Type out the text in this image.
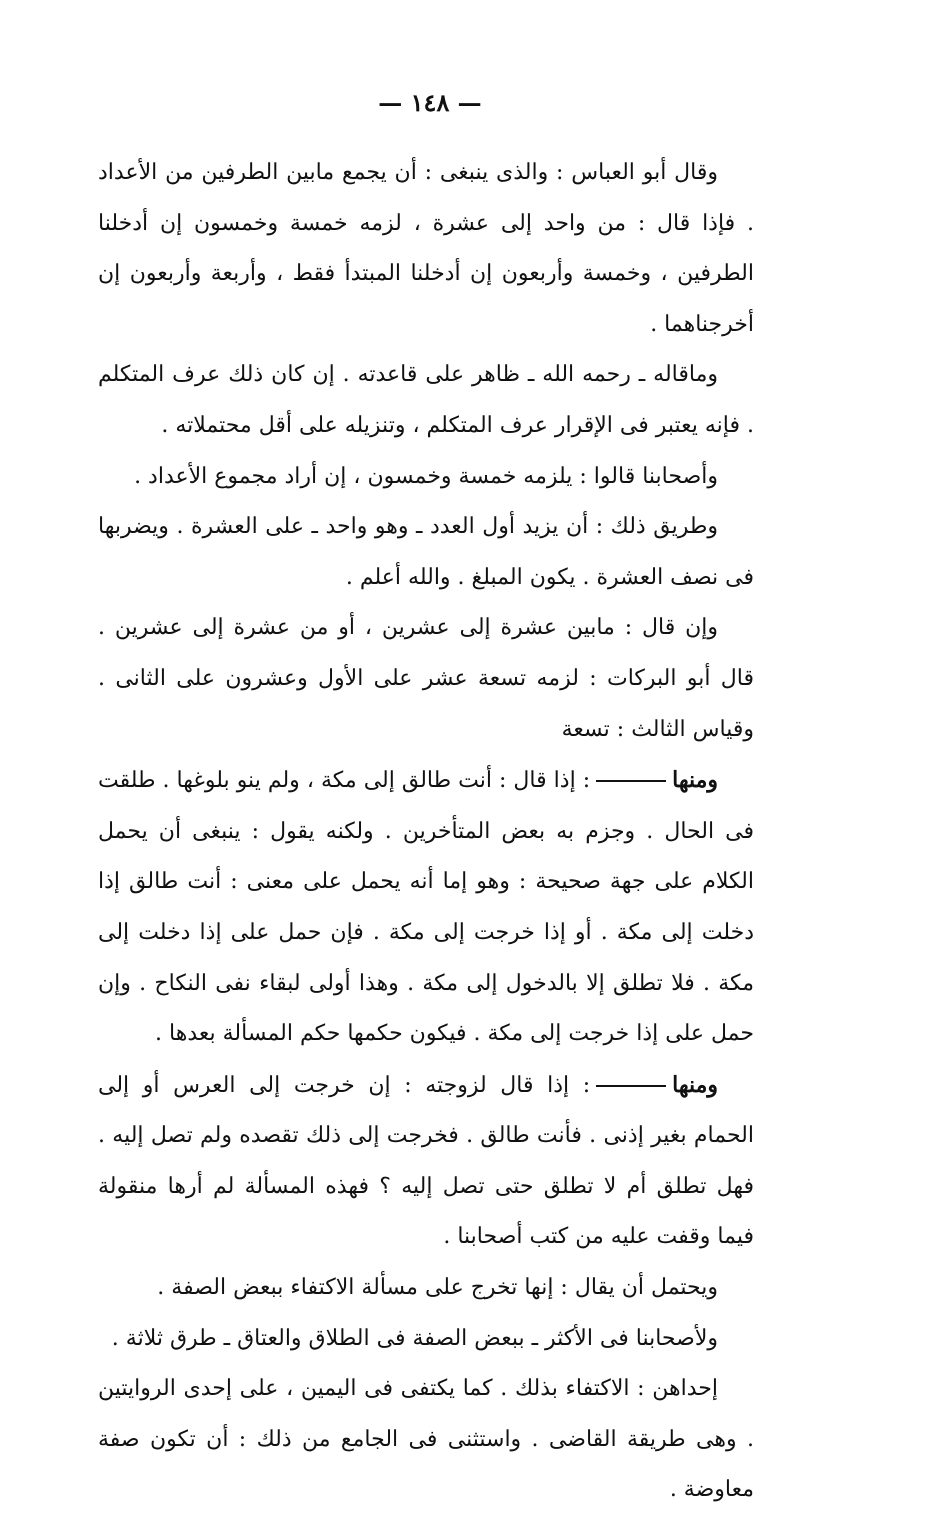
— ١٤٨ —

وقال أبو العباس : والذى ينبغى : أن يجمع مابين الطرفين من الأعداد . فإذا قال : من واحد إلى عشرة ، لزمه خمسة وخمسون إن أدخلنا الطرفين ، وخمسة وأربعون إن أدخلنا المبتدأ فقط ، وأربعة وأربعون إن أخرجناهما .

وماقاله ـ رحمه الله ـ ظاهر على قاعدته . إن كان ذلك عرف المتكلم . فإنه يعتبر فى الإقرار عرف المتكلم ، وتنزيله على أقل محتملاته .

وأصحابنا قالوا : يلزمه خمسة وخمسون ، إن أراد مجموع الأعداد .

وطريق ذلك : أن يزيد أول العدد ـ وهو واحد ـ على العشرة . ويضربها فى نصف العشرة . يكون المبلغ . والله أعلم .

وإن قال : مابين عشرة إلى عشرين ، أو من عشرة إلى عشرين . قال أبو البركات : لزمه تسعة عشر على الأول وعشرون على الثانى . وقياس الثالث : تسعة

ومنها: إذا قال : أنت طالق إلى مكة ، ولم ينو بلوغها . طلقت فى الحال . وجزم به بعض المتأخرين . ولكنه يقول : ينبغى أن يحمل الكلام على جهة صحيحة : وهو إما أنه يحمل على معنى : أنت طالق إذا دخلت إلى مكة . أو إذا خرجت إلى مكة . فإن حمل على إذا دخلت إلى مكة . فلا تطلق إلا بالدخول إلى مكة . وهذا أولى لبقاء نفى النكاح . وإن حمل على إذا خرجت إلى مكة . فيكون حكمها حكم المسألة بعدها .

ومنها: إذا قال لزوجته : إن خرجت إلى العرس أو إلى الحمام بغير إذنى . فأنت طالق . فخرجت إلى ذلك تقصده ولم تصل إليه . فهل تطلق أم لا تطلق حتى تصل إليه ؟ فهذه المسألة لم أرها منقولة فيما وقفت عليه من كتب أصحابنا .

ويحتمل أن يقال : إنها تخرج على مسألة الاكتفاء ببعض الصفة .

ولأصحابنا فى الأكثر ـ ببعض الصفة فى الطلاق والعتاق ـ طرق ثلاثة .

إحداهن : الاكتفاء بذلك . كما يكتفى فى اليمين ، على إحدى الروايتين . وهى طريقة القاضى . واستثنى فى الجامع من ذلك : أن تكون صفة معاوضة .
